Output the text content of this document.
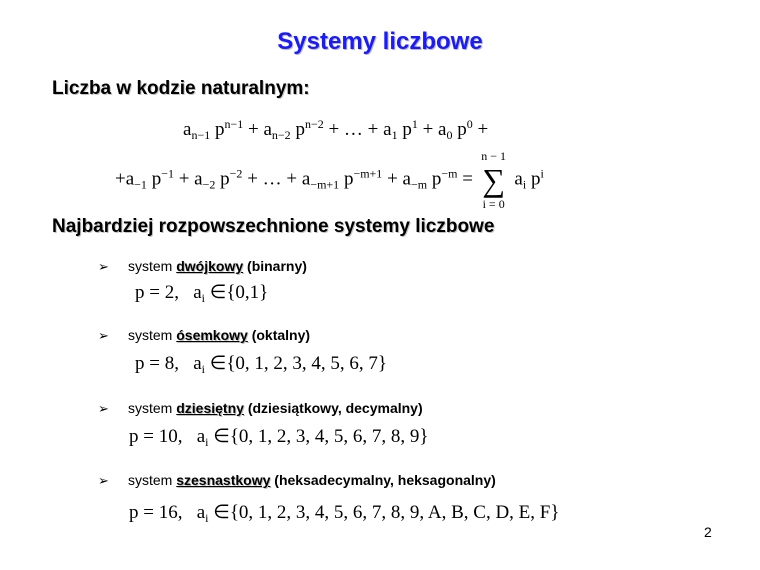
Systemy liczbowe
Liczba w kodzie naturalnym:
$a_{n-1}$ $p^{n-1} + a_{n-2}$ $p^{n-2}$ + … + $a_1$ $p^1 + a_0$ $p^0$ +
$+a_{-1}$ $p^{-1} + a_{-2}$ $p^{-2}$ + … + $a_{-m+1}$ $p^{-m+1} + a_{-m}$ $p^{-m}$ =
n − 1
∑
i = 0
$a_i$ $p^i$
Najbardziej rozpowszechnione systemy liczbowe
➢ system dwójkowy (binarny)
p = 2,   $a_i$ ∈{0,1}
➢ system ósemkowy (oktalny)
p = 8,   $a_i$ ∈{0, 1, 2, 3, 4, 5, 6, 7}
➢ system dziesiętny (dziesiątkowy, decymalny)
p = 10,   $a_i$ ∈{0, 1, 2, 3, 4, 5, 6, 7, 8, 9}
➢ system szesnastkowy (heksadecymalny, heksagonalny)
p = 16,   $a_i$ ∈{0, 1, 2, 3, 4, 5, 6, 7, 8, 9, A, B, C, D, E, F}
2
